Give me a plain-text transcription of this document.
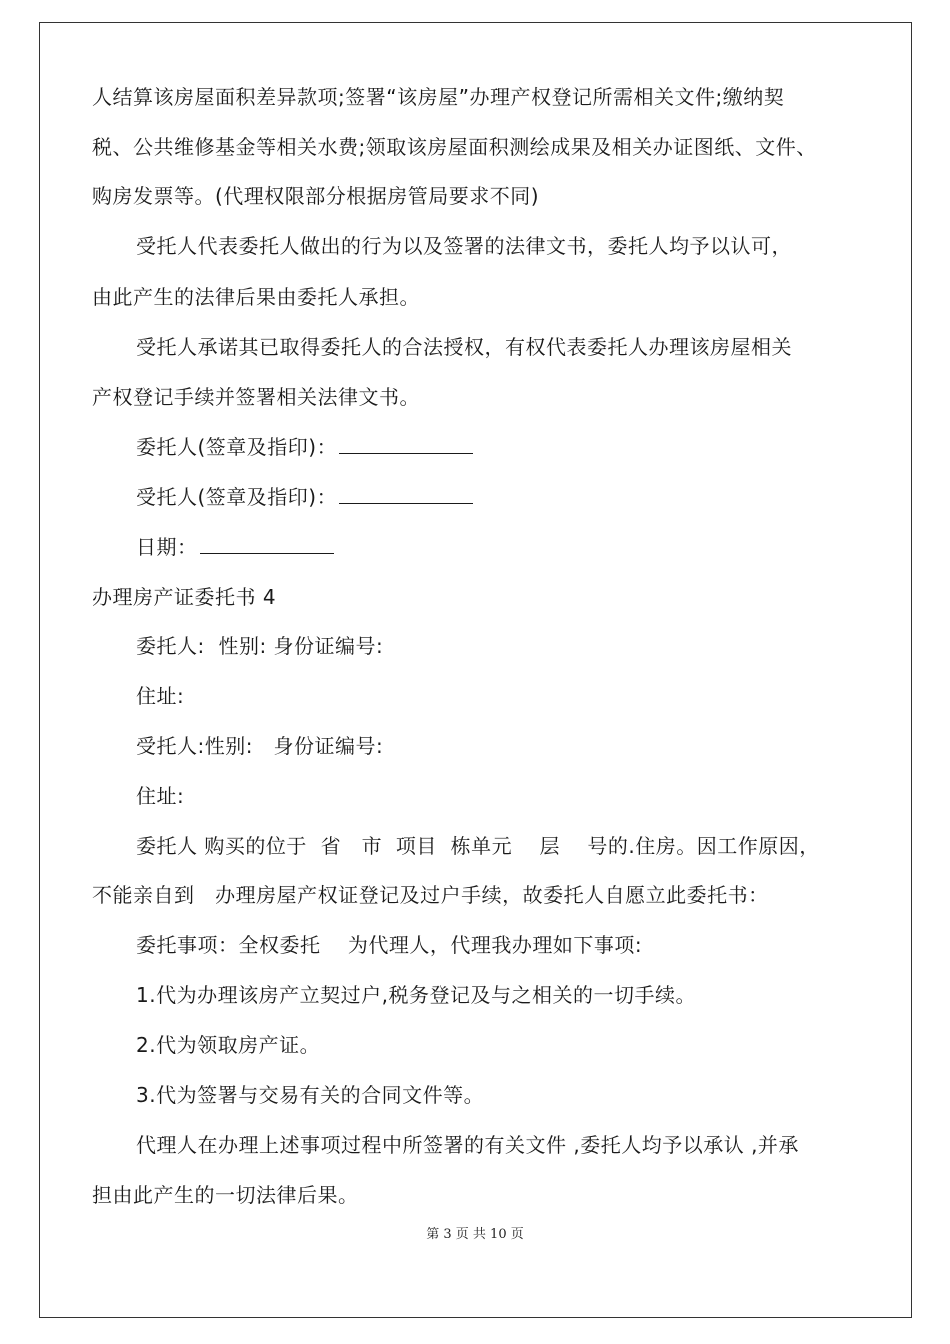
人结算该房屋面积差异款项;签署“该房屋”办理产权登记所需相关文件;缴纳契
税、公共维修基金等相关水费;领取该房屋面积测绘成果及相关办证图纸、文件、
购房发票等。(代理权限部分根据房管局要求不同)
受托人代表委托人做出的行为以及签署的法律文书，委托人均予以认可，
由此产生的法律后果由委托人承担。
受托人承诺其已取得委托人的合法授权，有权代表委托人办理该房屋相关
产权登记手续并签署相关法律文书。
委托人(签章及指印)：
受托人(签章及指印)：
日期：
办理房产证委托书 4
委托人:  性别: 身份证编号:
住址:
受托人:性别:   身份证编号:
住址:
委托人 购买的位于  省   市  项目  栋单元    层    号的.住房。因工作原因，
不能亲自到   办理房屋产权证登记及过户手续，故委托人自愿立此委托书：
委托事项：全权委托    为代理人，代理我办理如下事项:
1.代为办理该房产立契过户,税务登记及与之相关的一切手续。
2.代为领取房产证。
3.代为签署与交易有关的合同文件等。
代理人在办理上述事项过程中所签署的有关文件 ,委托人均予以承认 ,并承
担由此产生的一切法律后果。
第 3 页 共 10 页
